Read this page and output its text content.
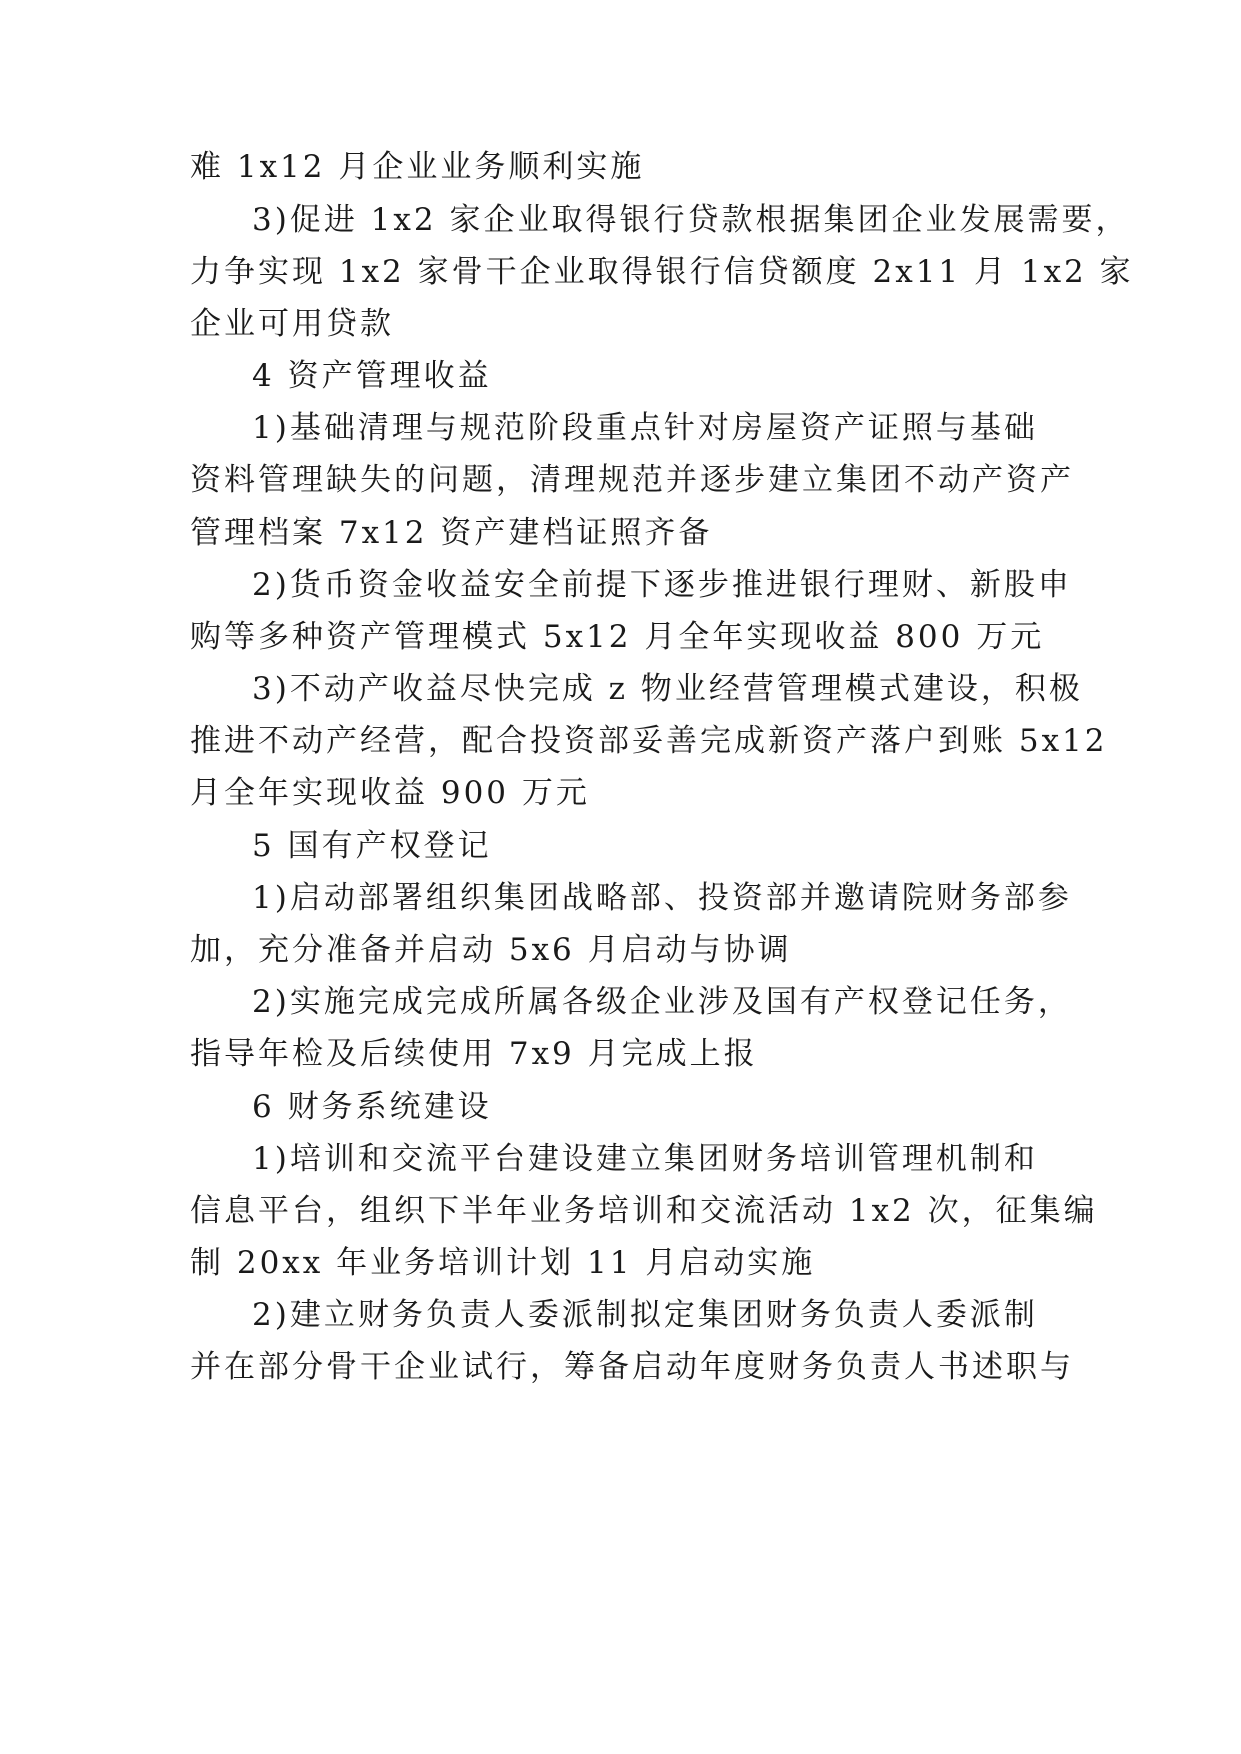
难 1x12 月企业业务顺利实施
3)促进 1x2 家企业取得银行贷款根据集团企业发展需要，
力争实现 1x2 家骨干企业取得银行信贷额度 2x11 月 1x2 家
企业可用贷款
4 资产管理收益
1)基础清理与规范阶段重点针对房屋资产证照与基础
资料管理缺失的问题，清理规范并逐步建立集团不动产资产
管理档案 7x12 资产建档证照齐备
2)货币资金收益安全前提下逐步推进银行理财、新股申
购等多种资产管理模式 5x12 月全年实现收益 800 万元
3)不动产收益尽快完成 z 物业经营管理模式建设，积极
推进不动产经营，配合投资部妥善完成新资产落户到账 5x12
月全年实现收益 900 万元
5 国有产权登记
1)启动部署组织集团战略部、投资部并邀请院财务部参
加，充分准备并启动 5x6 月启动与协调
2)实施完成完成所属各级企业涉及国有产权登记任务，
指导年检及后续使用 7x9 月完成上报
6 财务系统建设
1)培训和交流平台建设建立集团财务培训管理机制和
信息平台，组织下半年业务培训和交流活动 1x2 次，征集编
制 20xx 年业务培训计划 11 月启动实施
2)建立财务负责人委派制拟定集团财务负责人委派制
并在部分骨干企业试行，筹备启动年度财务负责人书述职与
